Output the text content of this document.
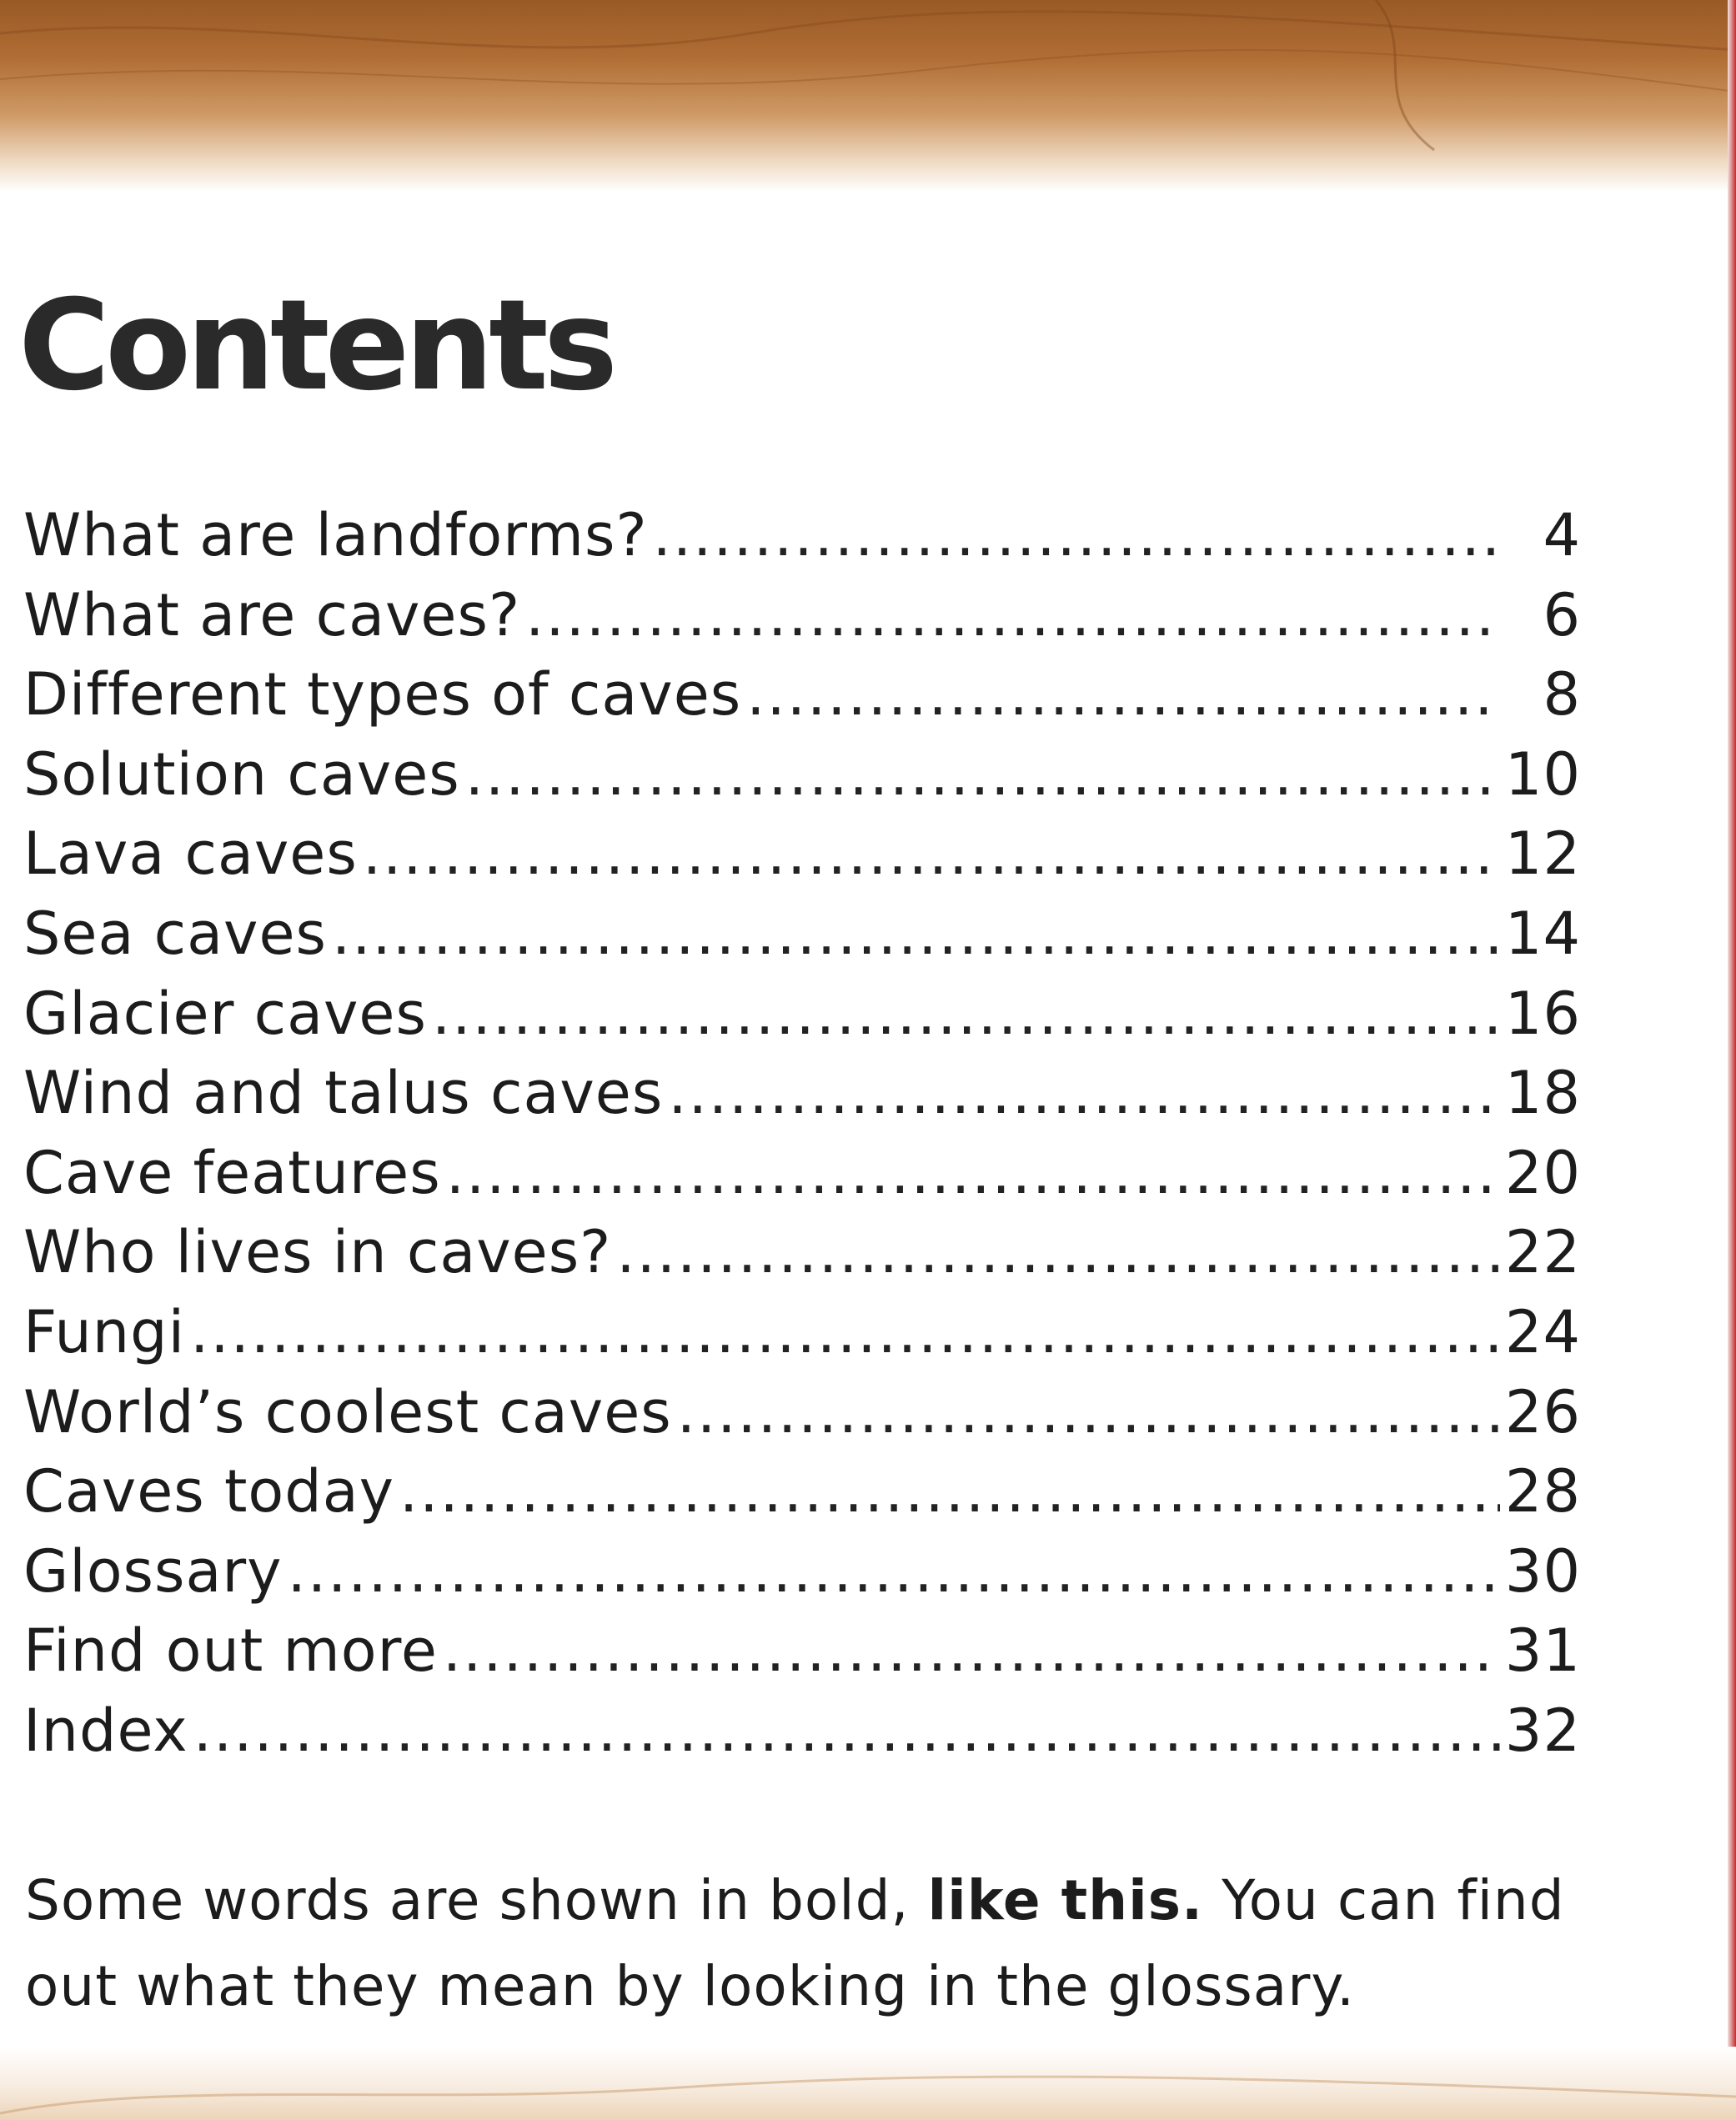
Contents
What are landforms? .....	4
What are caves? .....	6
Different types of caves .....	8
Solution caves .....	10
Lava caves .....	12
Sea caves .....	14
Glacier caves .....	16
Wind and talus caves .....	18
Cave features .....	20
Who lives in caves? .....	22
Fungi .....	24
World’s coolest caves .....	26
Caves today .....	28
Glossary .....	30
Find out more .....	31
Index .....	32

Some words are shown in bold, like this. You can find out what they mean by looking in the glossary.
